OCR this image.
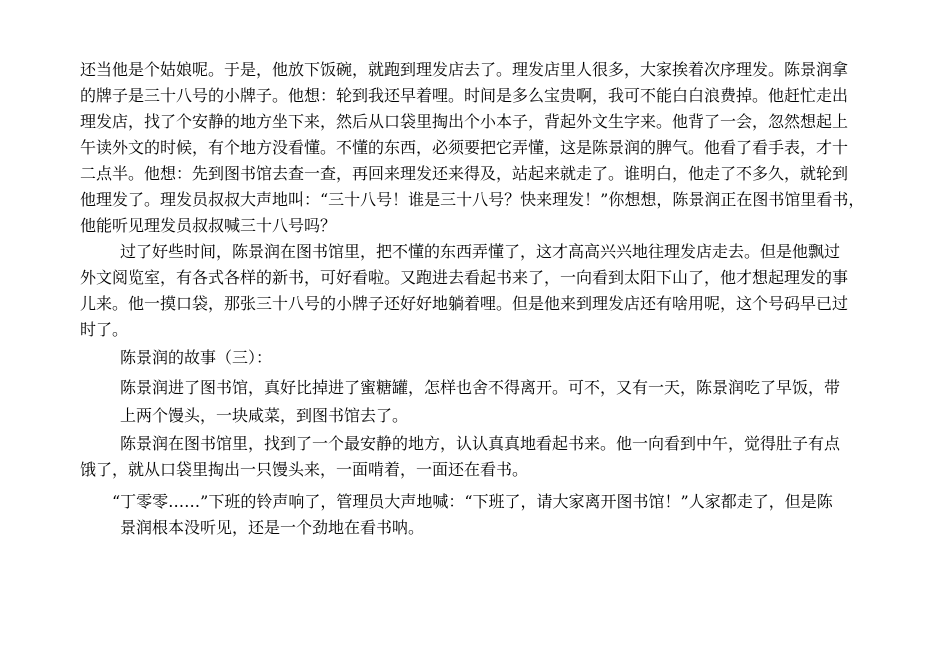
还当他是个姑娘呢。于是，他放下饭碗，就跑到理发店去了。理发店里人很多，大家挨着次序理发。陈景润拿
的牌子是三十八号的小牌子。他想：轮到我还早着哩。时间是多么宝贵啊，我可不能白白浪费掉。他赶忙走出
理发店，找了个安静的地方坐下来，然后从口袋里掏出个小本子，背起外文生字来。他背了一会，忽然想起上
午读外文的时候，有个地方没看懂。不懂的东西，必须要把它弄懂，这是陈景润的脾气。他看了看手表，才十
二点半。他想：先到图书馆去查一查，再回来理发还来得及，站起来就走了。谁明白，他走了不多久，就轮到
他理发了。理发员叔叔大声地叫：“三十八号！谁是三十八号？快来理发！”你想想，陈景润正在图书馆里看书，
他能听见理发员叔叔喊三十八号吗？
过了好些时间，陈景润在图书馆里，把不懂的东西弄懂了，这才高高兴兴地往理发店走去。但是他飘过
外文阅览室，有各式各样的新书，可好看啦。又跑进去看起书来了，一向看到太阳下山了，他才想起理发的事
儿来。他一摸口袋，那张三十八号的小牌子还好好地躺着哩。但是他来到理发店还有啥用呢，这个号码早已过
时了。
陈景润的故事（三）：
陈景润进了图书馆，真好比掉进了蜜糖罐，怎样也舍不得离开。可不，又有一天，陈景润吃了早饭，带
上两个馒头，一块咸菜，到图书馆去了。
陈景润在图书馆里，找到了一个最安静的地方，认认真真地看起书来。他一向看到中午，觉得肚子有点
饿了，就从口袋里掏出一只馒头来，一面啃着，一面还在看书。
“丁零零……”下班的铃声响了，管理员大声地喊：“下班了，请大家离开图书馆！”人家都走了，但是陈
景润根本没听见，还是一个劲地在看书呐。
